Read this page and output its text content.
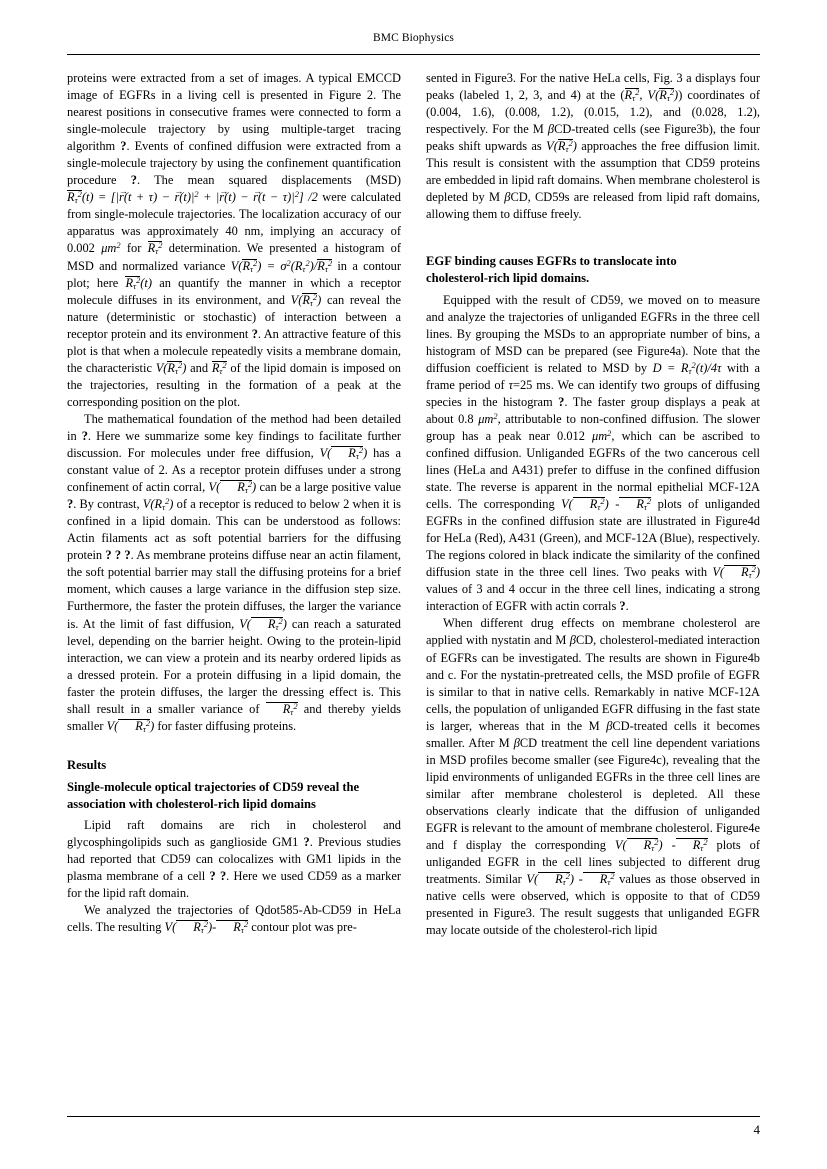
BMC Biophysics

proteins were extracted from a set of images. A typical EMCCD image of EGFRs in a living cell is presented in Figure 2. The nearest positions in consecutive frames were connected to form a single-molecule trajectory by using multiple-target tracing algorithm ?. Events of confined diffusion were extracted from a single-molecule trajectory by using the confinement quantification procedure ?. The mean squared displacements (MSD) $R_\tau^2(t)$ = [|→ r(t + τ) − → $r(t)|^2$ + |→ r(t) − → $r(t - \tau)|^2$] /2 were calculated from single-molecule trajectories. The localization accuracy of our apparatus was approximately 40 nm, implying an accuracy of 0.002 $\mu m^2$ for $R_\tau^2$ determination. We presented a histogram of MSD and normalized variance $V(R_\tau^2) = \sigma^2(R_\tau^2)/R_\tau^2$ in a contour plot; here $R_\tau^2(t)$ an quantify the manner in which a receptor molecule diffuses in its environment, and $V(R_\tau^2)$ can reveal the nature (deterministic or stochastic) of interaction between a receptor protein and its environment ?. An attractive feature of this plot is that when a molecule repeatedly visits a membrane domain, the characteristic $V(R_\tau^2)$ and $R_\tau^2$ of the lipid domain is imposed on the trajectories, resulting in the formation of a peak at the corresponding position on the plot.

The mathematical foundation of the method had been detailed in ?. Here we summarize some key findings to facilitate further discussion. For molecules under free diffusion, V( $R_\tau^2$) has a constant value of 2. As a receptor protein diffuses under a strong confinement of actin corral, V( $R_\tau^2$) can be a large positive value ?. By contrast, $V(R_\tau^2)$ of a receptor is reduced to below 2 when it is confined in a lipid domain. This can be understood as follows: Actin filaments act as soft potential barriers for the diffusing protein ? ? ?. As membrane proteins diffuse near an actin filament, the soft potential barrier may stall the diffusing proteins for a brief moment, which causes a large variance in the diffusion step size. Furthermore, the faster the protein diffuses, the larger the variance is. At the limit of fast diffusion, V( $R_\tau^2$) can reach a saturated level, depending on the barrier height. Owing to the protein-lipid interaction, we can view a protein and its nearby ordered lipids as a dressed protein. For a protein diffusing in a lipid domain, the faster the protein diffuses, the larger the dressing effect is. This shall result in a smaller variance of $R_\tau^2$ and thereby yields smaller V( $R_\tau^2$) for faster diffusing proteins.

Results
Single-molecule optical trajectories of CD59 reveal the
association with cholesterol-rich lipid domains

Lipid raft domains are rich in cholesterol and glycosphingolipids such as ganglioside GM1 ?. Previous studies had reported that CD59 can colocalizes with GM1 lipids in the plasma membrane of a cell ? ?. Here we used CD59 as a marker for the lipid raft domain.

We analyzed the trajectories of Qdot585-Ab-CD59 in HeLa cells. The resulting V( $R_\tau^2)-$ $R_\tau^2$ contour plot was pre-

sented in Figure3. For the native HeLa cells, Fig. 3 a displays four peaks (labeled 1, 2, 3, and 4) at the ($R_\tau^2$, $V(R_\tau^2)$) coordinates of (0.004, 1.6), (0.008, 1.2), (0.015, 1.2), and (0.028, 1.2), respectively. For the M βCD-treated cells (see Figure3b), the four peaks shift upwards as $V(R_\tau^2)$ approaches the free diffusion limit. This result is consistent with the assumption that CD59 proteins are embedded in lipid raft domains. When membrane cholesterol is depleted by M βCD, CD59s are released from lipid raft domains, allowing them to diffuse freely.

EGF binding causes EGFRs to translocate into
cholesterol-rich lipid domains.

Equipped with the result of CD59, we moved on to measure and analyze the trajectories of unliganded EGFRs in the three cell lines. By grouping the MSDs to an appropriate number of bins, a histogram of MSD can be prepared (see Figure4a). Note that the diffusion coefficient is related to MSD by $D = R_\tau^2(t)/4\tau$ with a frame period of τ=25 ms. We can identify two groups of diffusing species in the histogram ?. The faster group displays a peak at about 0.8 $\mu m^2$, attributable to non-confined diffusion. The slower group has a peak near 0.012 $\mu m^2$, which can be ascribed to confined diffusion. Unliganded EGFRs of the two cancerous cell lines (HeLa and A431) prefer to diffuse in the confined diffusion state. The reverse is apparent in the normal epithelial MCF-12A cells. The corresponding V( $R_\tau^2) - R_\tau^2$ plots of unliganded EGFRs in the confined diffusion state are illustrated in Figure4d for HeLa (Red), A431 (Green), and MCF-12A (Blue), respectively. The regions colored in black indicate the similarity of the confined diffusion state in the three cell lines. Two peaks with V( $R_\tau^2$) values of 3 and 4 occur in the three cell lines, indicating a strong interaction of EGFR with actin corrals ?.

When different drug effects on membrane cholesterol are applied with nystatin and M βCD, cholesterol-mediated interaction of EGFRs can be investigated. The results are shown in Figure4b and c. For the nystatin-pretreated cells, the MSD profile of EGFR is similar to that in native cells. Remarkably in native MCF-12A cells, the population of unliganded EGFR diffusing in the fast state is larger, whereas that in the M βCD-treated cells it becomes smaller. After M βCD treatment the cell line dependent variations in MSD profiles become smaller (see Figure4c), revealing that the lipid environments of unliganded EGFRs in the three cell lines are similar after membrane cholesterol is depleted. All these observations clearly indicate that the diffusion of unliganded EGFR is relevant to the amount of membrane cholesterol. Figure4e and f display the corresponding V( $R_\tau^2) - R_\tau^2$ plots of unliganded EGFR in the cell lines subjected to different drug treatments. Similar V( $R_\tau^2) - R_\tau^2$ values as those observed in native cells were observed, which is opposite to that of CD59 presented in Figure3. The result suggests that unliganded EGFR may locate outside of the cholesterol-rich lipid

4
